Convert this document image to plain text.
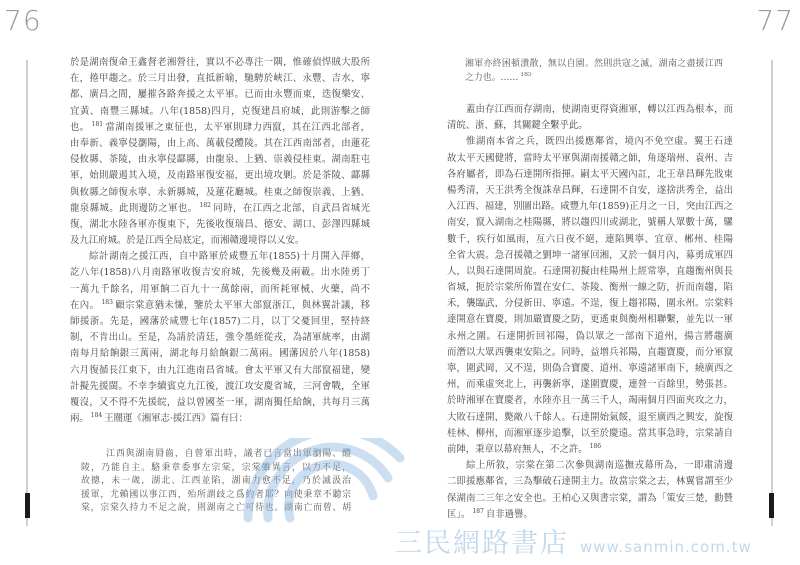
76	77
於是湖南復命王鑫督老湘營往，實以不必專注一隅，惟確偵悍賊大股所
在，捲甲趨之。於三月出發，直抵新喻，馳騁於峽江、永豐、吉水、寧
都、廣昌之間，屢摧各路奔援之太平軍。已而由永豐而東，迭復樂安、
宜黃、南豐三縣城。八年(1858)四月，克復建昌府城，此則游擊之師
也。 $^{181}$ 當湖南援軍之東征也，太平軍則肆力西竄，其在江西北部者，
由奉新、義寧侵瀏陽，由上高、萬載侵醴陵。其在江西南部者，由蓮花
侵攸縣、茶陵，由永寧侵酃縣，由龍泉、上猶、崇義侵桂東。湖南駐屯
軍，始則嚴遏其入境，及南路軍復安福，更出境攻剿。於是茶陵、酃縣
與攸縣之師復永寧、永新縣城，及蓮花廳城。桂東之師復崇義、上猶、
龍泉縣城。此則邊防之軍也。 $^{182}$ 同時，在江西之北部，自武昌省城光
復，湖北水陸各軍亦復東下，先後收復瑞昌、德安、湖口、彭澤四縣城
及九江府城。於是江西全局底定，而湘贛邊境得以乂安。
綜計湖南之援江西，自中路軍於咸豐五年(1855)十月開入萍鄉，
訖八年(1858)八月南路軍收復吉安府城，先後幾及兩載。出水陸勇丁
一萬九千餘名，用軍餉二百九十一萬餘兩，而所耗軍械、火藥，尚不
在內。 $^{183}$ 顧宗棠意猶未慊，鑒於太平軍大部竄浙江，與林翼計議，移
師援浙。先是，國藩於咸豐七年(1857)二月，以丁父憂回里，堅持終
制，不肯出山。至是，為請於清廷，強令墨絰從戎，為諸軍統率，由湖
南每月給餉銀三萬兩，湖北每月給餉銀二萬兩。國藩因於八年(1858)
六月復循長江東下，由九江進南昌省城。會太平軍又有大部竄福建，變
計擬先援閩。不幸李續賓克九江後，渡江攻安慶省城，三河會戰，全軍
覆沒，又不得不先援皖，益以曾國荃一軍，湖南獨任給餉，共每月三萬
兩。 $^{184}$ 王闓運《湘軍志·援江西》篇有曰：
江西與湖南脣齒，自曾軍出時，議者已言當出軍瀏陽、醴
陵，乃能自主。駱秉章委事左宗棠，宗棠雖異言，以力不足，
故摠，未一歲，湖北、江西並陷，湖南力愈不足，乃於滅汲治
援軍，尤賴國以事江西，殆所謂歧之爲約者耶？向使秉章不聽宗
棠，宗棠久持力不足之說，則湖南之亡可待也。湖南亡而曾、胡
湘軍亦終困頓潰散，無以自園。然則洪寇之滅，湖南之盡援江西
之力也。…… $^{185}$
蓋由存江西而存湖南，使湖南更得資湘軍，轉以江西為根本，而
清皖、浙、蘇，其關鍵全繫乎此。
惟湖南本省之兵，既四出援應鄰省，境內不免空虛。翼王石達
故太平天國健將，當時太平軍與湖南援贛之師，角逐瑞州、袁州、吉
各府屬者，即為石達開所指揮。嗣太平天國內訌，北王韋昌輝先戕東
楊秀清，天王洪秀全復誅韋昌輝，石達開不自安，遂捨洪秀全，益出
入江西、福建，別圖出路。咸豐九年(1859)正月之一日，突由江西之
南安，竄入湖南之桂陽縣，將以趨四川或湖北，號稱人眾數十萬，騾
數千，疾行如風雨，亙六日夜不絕，連陷興寧、宜章、郴州、桂陽
全省大震。急召援贛之劉坤一諸軍回湘，又於一個月內，募勇成軍四
人，以與石達開周旋。石達開初擬由桂陽州上經常寧，直趨衡州與長
省城，扼於宗棠所佈置在安仁、茶陵、衡州一線之防，折而南趨，陷
禾，襲臨武，分侵新田、寧遠。不逞，復上趨祁陽，圍永州。宗棠料
達開意在寶慶，則加嚴寶慶之防，更遙東與衡州相聯繫，並先以一軍
永州之圍。石達開折回祁陽，偽以眾之一部南下道州，揚言將趨廣
而潛以大眾西襲東安陷之。同時，益增兵祁陽，直趨寶慶，而分軍竄
寧，圍武岡，又不逞，則偽合寶慶、道州、寧遠諸軍南下，繞廣西之
州，而乘虛突北上，再襲新寧，遂圍寶慶，連營一百餘里，勢張甚。
於時湘軍在寶慶者，水陸亦且一萬三千人，竭兩個月四面夾攻之力，
大敗石達開，斃敵八千餘人。石達開始氣餒，退至廣西之興安，旋復
桂林、柳州，而湘軍逐步追擊，以至於慶遠。當其事急時，宗棠請自
前陣，秉章以幕府無人，不之許。 $^{186}$
綜上所敘，宗棠在第二次參與湖南巡撫戎幕所為，一即肅清邊
二即援應鄰省，三為擊破石達開主力。故當宗棠之去，林翼嘗謂至少
保湖南二三年之安全也。王柏心又與書宗棠，謂為「策安三楚，勳贊
匡」。 $^{187}$ 自非過譽。
三民網路書店 www.sanmin.com.tw
